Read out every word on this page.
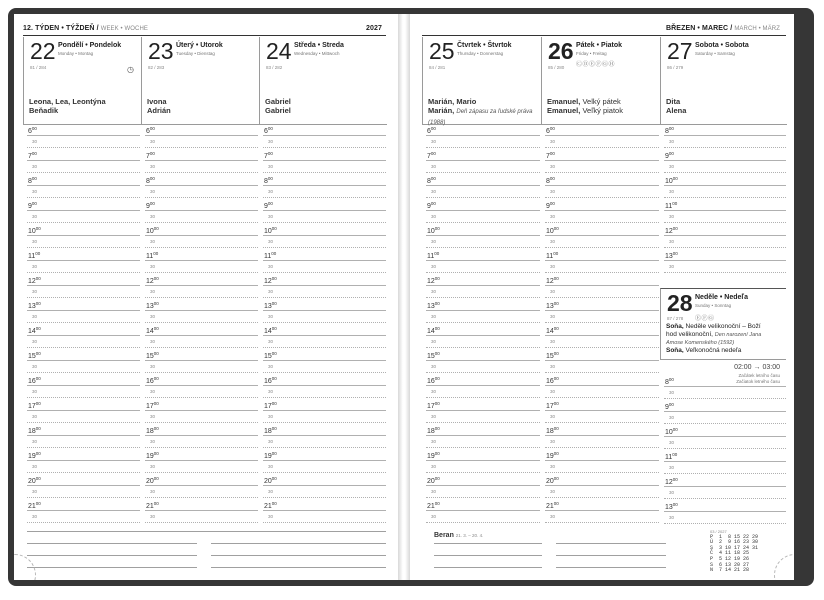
12. TÝDEN • TÝŽDEŇ / WEEK • WOCHE	2027
22 Pondělí • Pondelok
Monday • Montag
81 / 284	◷
Leona, Lea, Leontýna
Beňadik
$6^{00}$
30
$7^{00}$
30
$8^{00}$
30
$9^{00}$
30
$10^{00}$
30
$11^{00}$
30
$12^{00}$
30
$13^{00}$
30
$14^{00}$
30
$15^{00}$
30
$16^{00}$
30
$17^{00}$
30
$18^{00}$
30
$19^{00}$
30
$20^{00}$
30
$21^{00}$
30
23 Úterý • Utorok
Tuesday • Dienstag
82 / 283
Ivona
Adrián
$6^{00}$
30
$7^{00}$
30
$8^{00}$
30
$9^{00}$
30
$10^{00}$
30
$11^{00}$
30
$12^{00}$
30
$13^{00}$
30
$14^{00}$
30
$15^{00}$
30
$16^{00}$
30
$17^{00}$
30
$18^{00}$
30
$19^{00}$
30
$20^{00}$
30
$21^{00}$
30
24 Středa • Streda
Wednesday • Mittwoch
83 / 282
Gabriel
Gabriel
$6^{00}$
30
$7^{00}$
30
$8^{00}$
30
$9^{00}$
30
$10^{00}$
30
$11^{00}$
30
$12^{00}$
30
$13^{00}$
30
$14^{00}$
30
$15^{00}$
30
$16^{00}$
30
$17^{00}$
30
$18^{00}$
30
$19^{00}$
30
$20^{00}$
30
$21^{00}$
30
BŘEZEN • MAREC / MARCH • MÄRZ
25 Čtvrtek • Štvrtok
Thursday • Donnerstag
84 / 281
Marián, Mario
Marián, Deň zápasu za ľudské práva (1988)
$6^{00}$
30
$7^{00}$
30
$8^{00}$
30
$9^{00}$
30
$10^{00}$
30
$11^{00}$
30
$12^{00}$
30
$13^{00}$
30
$14^{00}$
30
$15^{00}$
30
$16^{00}$
30
$17^{00}$
30
$18^{00}$
30
$19^{00}$
30
$20^{00}$
30
$21^{00}$
30
26 Pátek • Piatok
Friday • Freitag
85 / 280 ⒸⒹⒺⒻⒼⒽ
Emanuel, Velký pátek
Emanuel, Veľký piatok
$6^{00}$
30
$7^{00}$
30
$8^{00}$
30
$9^{00}$
30
$10^{00}$
30
$11^{00}$
30
$12^{00}$
30
$13^{00}$
30
$14^{00}$
30
$15^{00}$
30
$16^{00}$
30
$17^{00}$
30
$18^{00}$
30
$19^{00}$
30
$20^{00}$
30
$21^{00}$
30
27 Sobota • Sobota
Saturday • Samstag
86 / 279
Dita
Alena
$8^{00}$
30
$9^{00}$
30
$10^{00}$
30
$11^{00}$
30
$12^{00}$
30
$13^{00}$
30
28 Neděle • Nedeľa
Sunday • Sonntag
87 / 278 ⒺⒻⒼ
Soňa, Neděle velikonoční – Boží
hod velikonoční, Den narození Jana
Amose Komenského (1592)
Soňa, Veľkonočná nedeľa
02:00 → 03:00
Začátek letního času
Začiatok letného času
$8^{00}$
30
$9^{00}$
30
$10^{00}$
30
$11^{00}$
30
$12^{00}$
30
$13^{00}$
30
Beran 21. 3. – 20. 4.
03 / 2027
P  1  8 15 22 29
Ú  2  9 16 23 30
S  3 10 17 24 31
Č  4 11 18 25
P  5 12 19 26
S  6 13 20 27
N  7 14 21 28
